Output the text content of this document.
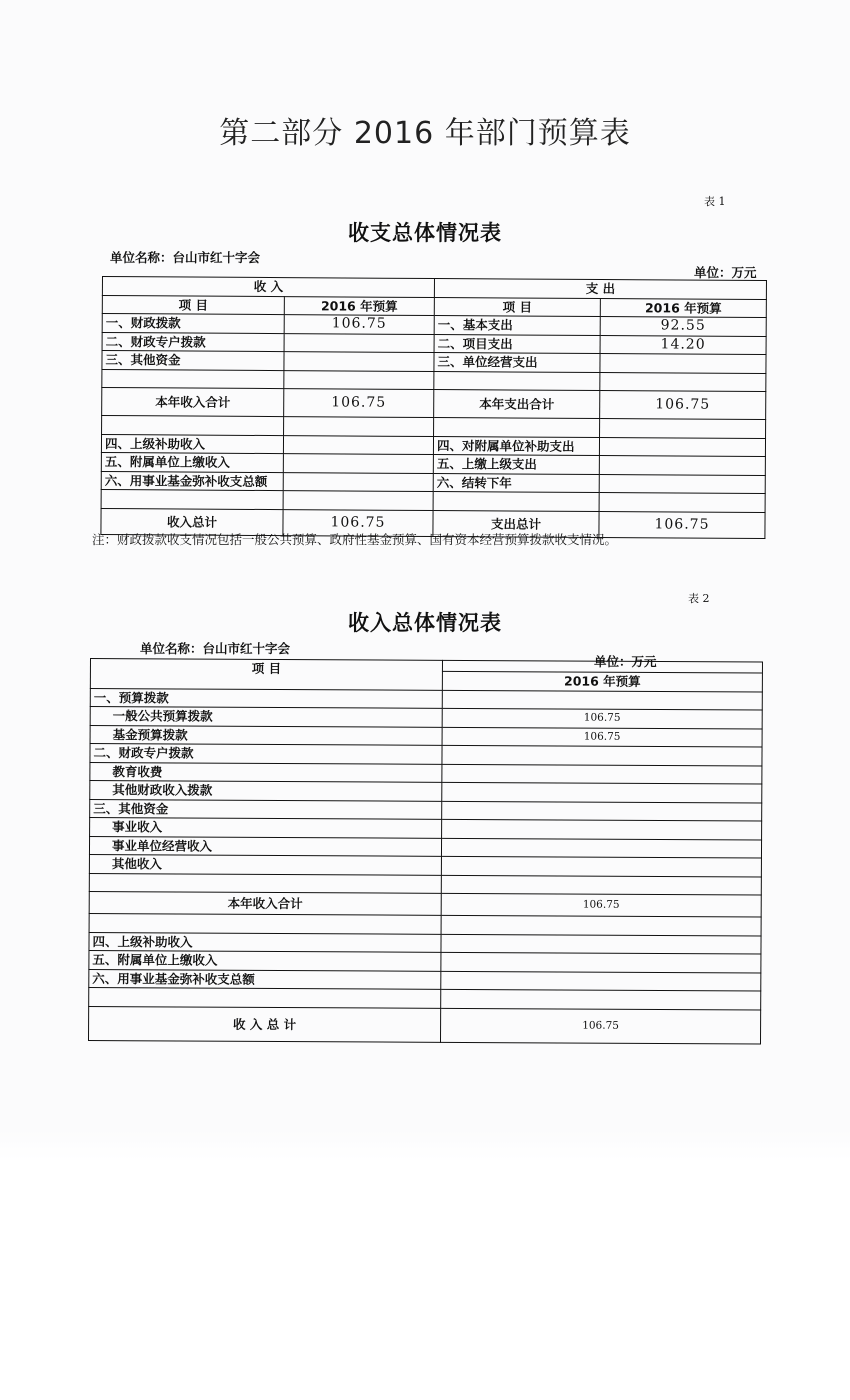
第二部分 2016 年部门预算表
表 1
收支总体情况表
单位名称：台山市红十字会
单位：万元
收 入		支 出	
项 目	2016 年预算	项 目	2016 年预算
一、财政拨款	106.75	一、基本支出	92.55
二、财政专户拨款		二、项目支出	14.20
三、其他资金		三、单位经营支出	

本年收入合计	106.75	本年支出合计	106.75

四、上级补助收入		四、对附属单位补助支出	
五、附属单位上缴收入		五、上缴上级支出	
六、用事业基金弥补收支总额		六、结转下年	

收入总计	106.75	支出总计	106.75
注：财政拨款收支情况包括一般公共预算、政府性基金预算、国有资本经营预算拨款收支情况。
表 2
收入总体情况表
单位名称：台山市红十字会
单位：万元
项 目	
	2016 年预算
一、预算拨款	
一般公共预算拨款	106.75
基金预算拨款	106.75
二、财政专户拨款	
教育收费	
其他财政收入拨款	
三、其他资金	
事业收入	
事业单位经营收入	
其他收入	

本年收入合计	106.75

四、上级补助收入	
五、附属单位上缴收入	
六、用事业基金弥补收支总额	

收 入 总 计	106.75
